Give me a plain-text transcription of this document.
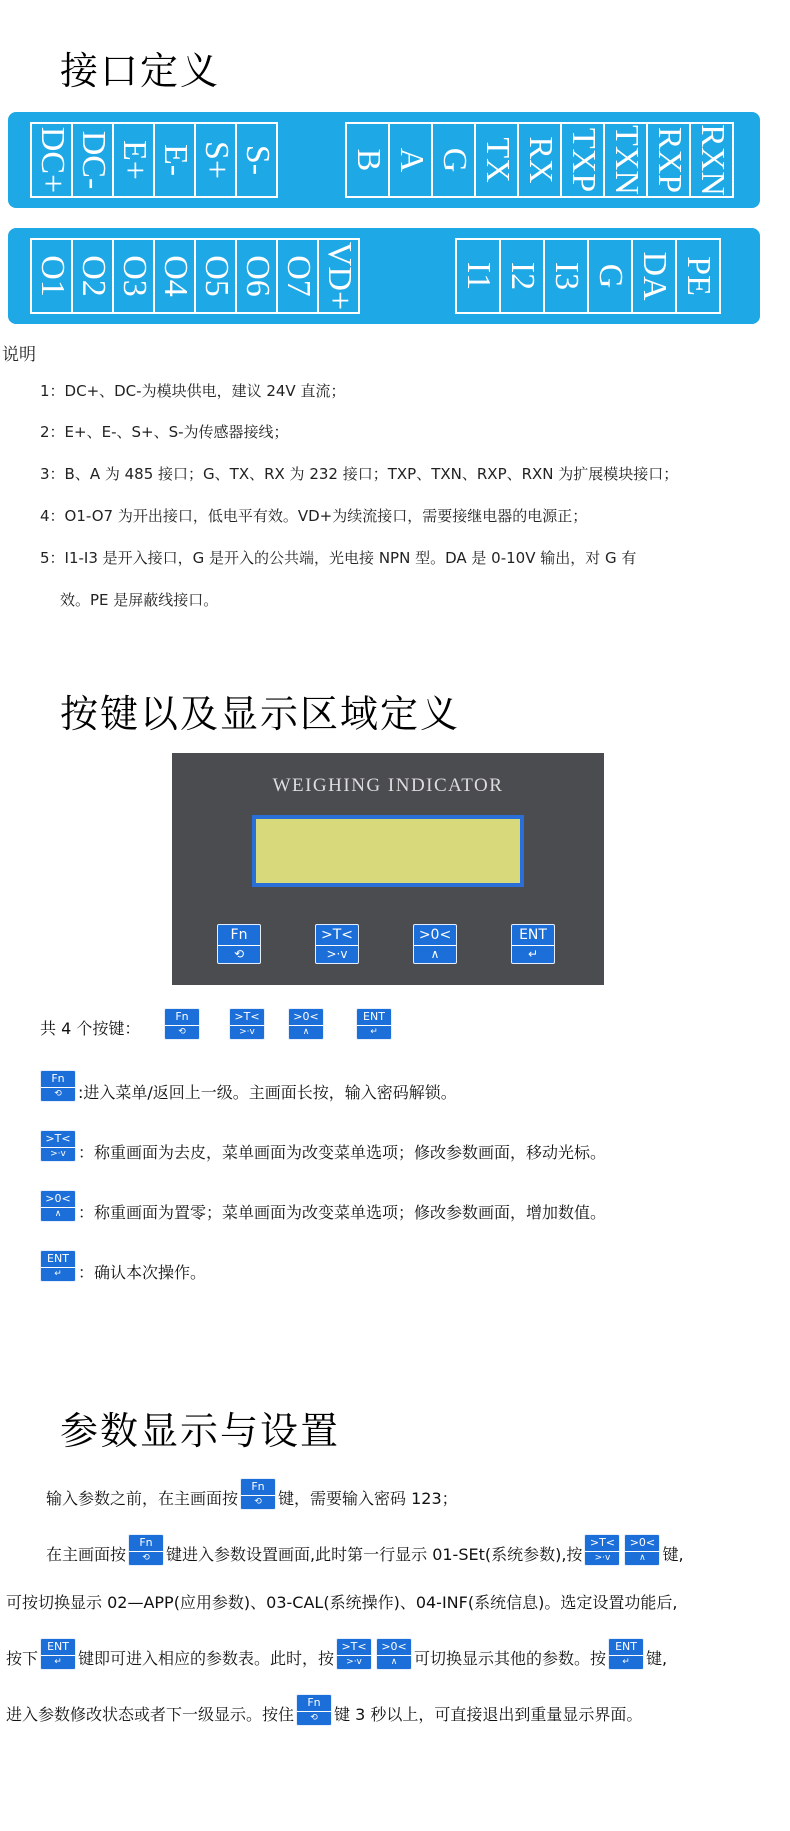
接口定义
DC+ DC- E+ E- S+ S- B A G TX RX TXP TXN RXP RXN
O1 O2 O3 O4 O5 O6 O7 VD+	I1 I2 I3 G DA PE
说明
1：DC+、DC-为模块供电，建议 24V 直流；
2：E+、E-、S+、S-为传感器接线；
3：B、A 为 485 接口；G、TX、RX 为 232 接口；TXP、TXN、RXP、RXN 为扩展模块接口；
4：O1-O7 为开出接口，低电平有效。VD+为续流接口，需要接继电器的电源正；
5：I1-I3 是开入接口，G 是开入的公共端，光电接 NPN 型。DA 是 0-10V 输出，对 G 有
效。PE 是屏蔽线接口。
按键以及显示区域定义
WEIGHING INDICATOR
Fn
⟲
>T<
>·v
>0<
∧
ENT
↵
共 4 个按键：
Fn
⟲
>T<
>·v
>0<
∧
ENT
↵
Fn
⟲	:进入菜单/返回上一级。主画面长按，输入密码解锁。
>T<
>·v ：称重画面为去皮，菜单画面为改变菜单选项；修改参数画面，移动光标。
>0<
∧	：称重画面为置零；菜单画面为改变菜单选项；修改参数画面，增加数值。
ENT
↵	：确认本次操作。
参数显示与设置
输入参数之前，在主画面按
Fn
⟲	键，需要输入密码 123；
在主画面按
Fn
⟲	键进入参数设置画面,此时第一行显示 01-SEt(系统参数),按
>T<
>·v
>0<
∧	键,
可按切换显示 02—APP(应用参数)、03-CAL(系统操作)、04-INF(系统信息)。选定设置功能后,
按下
ENT
↵	键即可进入相应的参数表。此时，按
>T<
>·v
>0<
∧	可切换显示其他的参数。按
ENT
↵	键,
进入参数修改状态或者下一级显示。按住
Fn
⟲	键 3 秒以上，可直接退出到重量显示界面。
